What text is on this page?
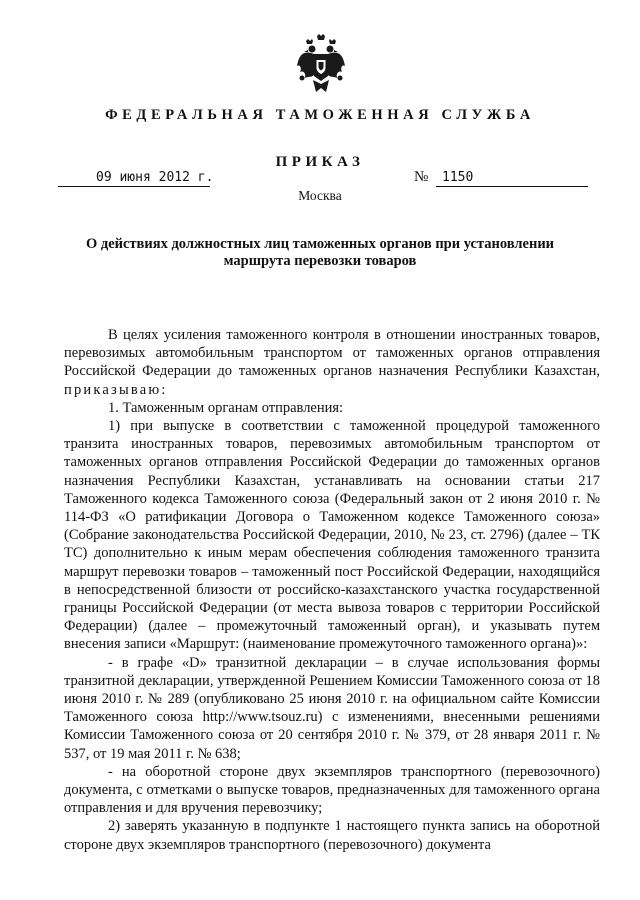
ФЕДЕРАЛЬНАЯ ТАМОЖЕННАЯ СЛУЖБА
ПРИКАЗ
09 июня 2012 г.	№ 1150
Москва
О действиях должностных лиц таможенных органов при установлении
маршрута перевозки товаров

В целях усиления таможенного контроля в отношении иностранных товаров, перевозимых автомобильным транспортом от таможенных органов отправления Российской Федерации до таможенных органов назначения Республики Казахстан, приказываю:

1. Таможенным органам отправления:

1) при выпуске в соответствии с таможенной процедурой таможенного транзита иностранных товаров, перевозимых автомобильным транспортом от таможенных органов отправления Российской Федерации до таможенных органов назначения Республики Казахстан, устанавливать на основании статьи 217 Таможенного кодекса Таможенного союза (Федеральный закон от 2 июня 2010 г. № 114-ФЗ «О ратификации Договора о Таможенном кодексе Таможенного союза» (Собрание законодательства Российской Федерации, 2010, № 23, ст. 2796) (далее – ТК ТС) дополнительно к иным мерам обеспечения соблюдения таможенного транзита маршрут перевозки товаров – таможенный пост Российской Федерации, находящийся в непосредственной близости от российско-казахстанского участка государственной границы Российской Федерации (от места вывоза товаров с территории Российской Федерации) (далее – промежуточный таможенный орган), и указывать путем внесения записи «Маршрут: (наименование промежуточного таможенного органа)»:

- в графе «D» транзитной декларации – в случае использования формы транзитной декларации, утвержденной Решением Комиссии Таможенного союза от 18 июня 2010 г. № 289 (опубликовано 25 июня 2010 г. на официальном сайте Комиссии Таможенного союза http://www.tsouz.ru) с изменениями, внесенными решениями Комиссии Таможенного союза от 20 сентября 2010 г. № 379, от 28 января 2011 г. № 537, от 19 мая 2011 г. № 638;

- на оборотной стороне двух экземпляров транспортного (перевозочного) документа, с отметками о выпуске товаров, предназначенных для таможенного органа отправления и для вручения перевозчику;

2) заверять указанную в подпункте 1 настоящего пункта запись на оборотной стороне двух экземпляров транспортного (перевозочного) документа
